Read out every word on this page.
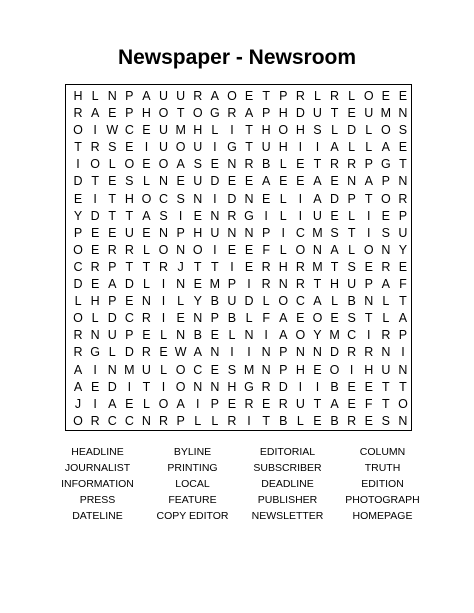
Newspaper - Newsroom
H L N P A U U R A O E T P R L R L O E E
R A E P H O T O G R A P H D U T E U M N
O I W C E U M H L I T H O H S L D L O S
T R S E I U O U I G T U H I	I A L L A E
I O L O E O A S E N R B L E T R R P G T
D T E S L N E U D E E A E E A E N A P N
E I T H O C S N I D N E L I A D P T O R
Y D T T A S I E N R G I L I U E L I E P
P E E U E N P H U N N P I C M S T I S U
O E R R L O N O I E E F L O N A L O N Y
C R P T T R J T T I E R H R M T S E R E
D E A D L I N E M P I R N R T H U P A F
L H P E N I L Y B U D L O C A L B N L T
O L D C R I E N P B L F A E O E S T L A
R N U P E L N B E L N I A O Y M C I R P
R G L D R E W A N I	I N P N N D R R N I
A I N M U L O C E S M N P H E O I H U N
A E D I T I O N N H G R D I	I B E E T T
J I A E L O A I P E R E R U T A E F T O
O R C C N R P L L R I T B L E B R E S N
HEADLINE	BYLINE	EDITORIAL	COLUMN
JOURNALIST	PRINTING	SUBSCRIBER	TRUTH
INFORMATION	LOCAL	DEADLINE	EDITION
PRESS	FEATURE	PUBLISHER	PHOTOGRAPH
DATELINE	COPY EDITOR	NEWSLETTER	HOMEPAGE
